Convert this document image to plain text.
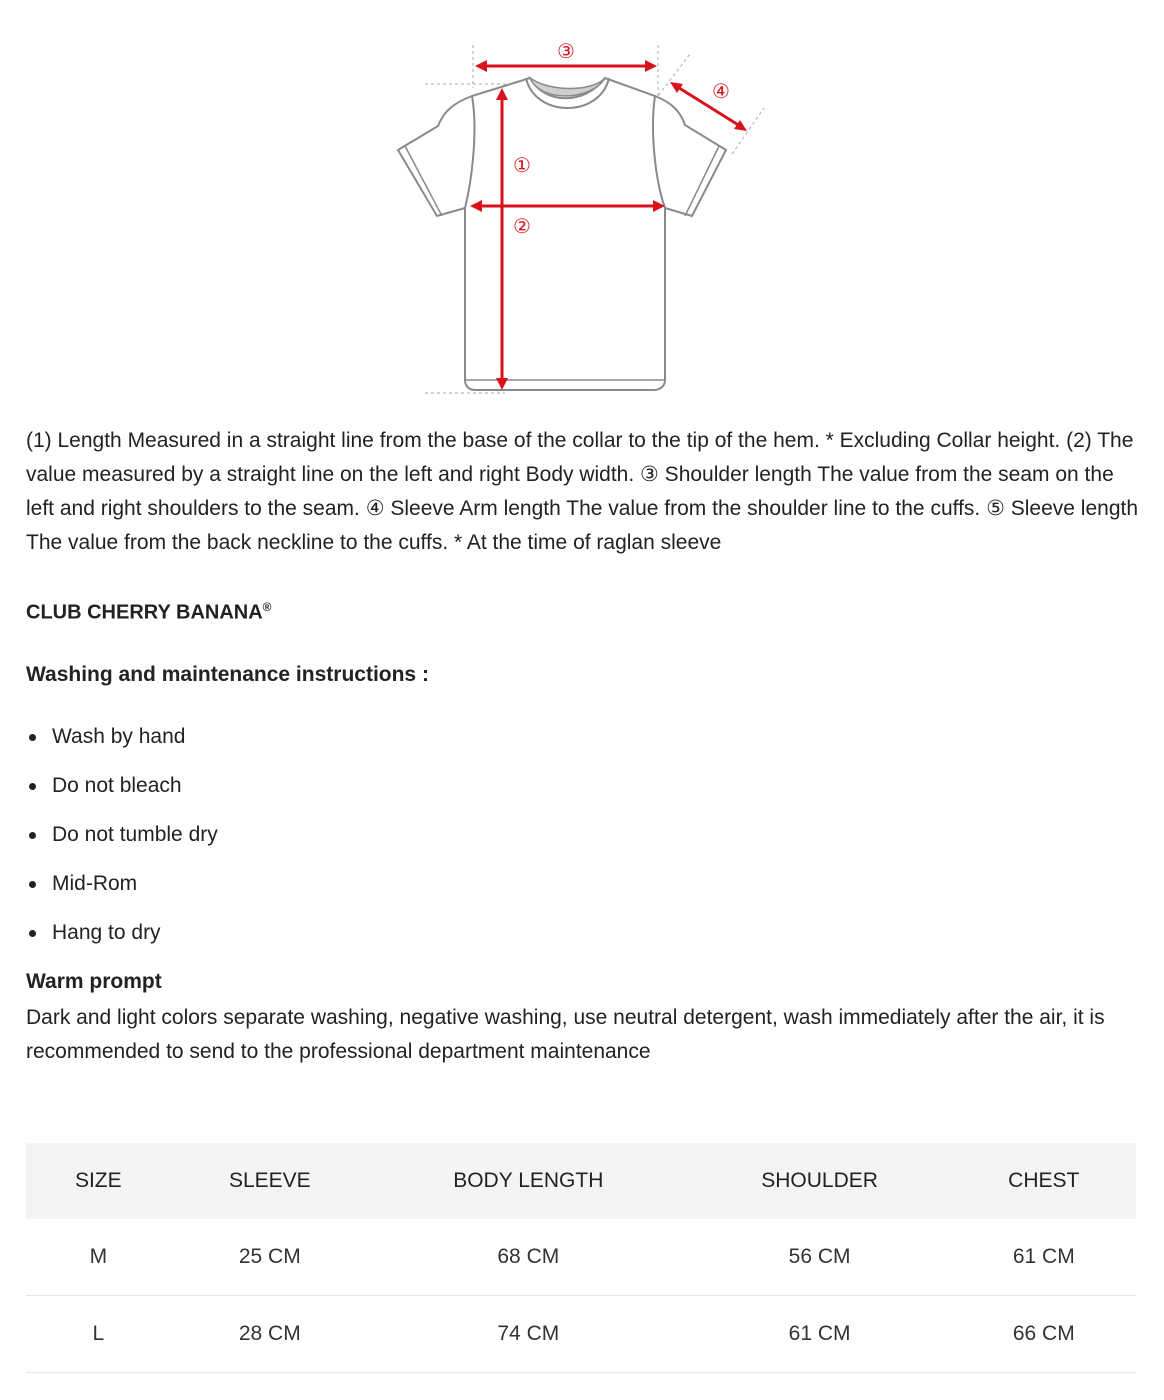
③
①
②
④

(1) Length Measured in a straight line from the base of the collar to the tip of the hem. * Excluding Collar height. (2) The value measured by a straight line on the left and right Body width. ③ Shoulder length The value from the seam on the left and right shoulders to the seam. ④ Sleeve Arm length The value from the shoulder line to the cuffs. ⑤ Sleeve length The value from the back neckline to the cuffs. * At the time of raglan sleeve

CLUB CHERRY BANANA®

Washing and maintenance instructions :

Wash by hand
Do not bleach
Do not tumble dry
Mid-Rom
Hang to dry

Warm prompt

Dark and light colors separate washing, negative washing, use neutral detergent, wash immediately after the air, it is recommended to send to the professional department maintenance

SIZE	SLEEVE	BODY LENGTH	SHOULDER	CHEST
M	25 CM	68 CM	56 CM	61 CM
L	28 CM	74 CM	61 CM	66 CM
